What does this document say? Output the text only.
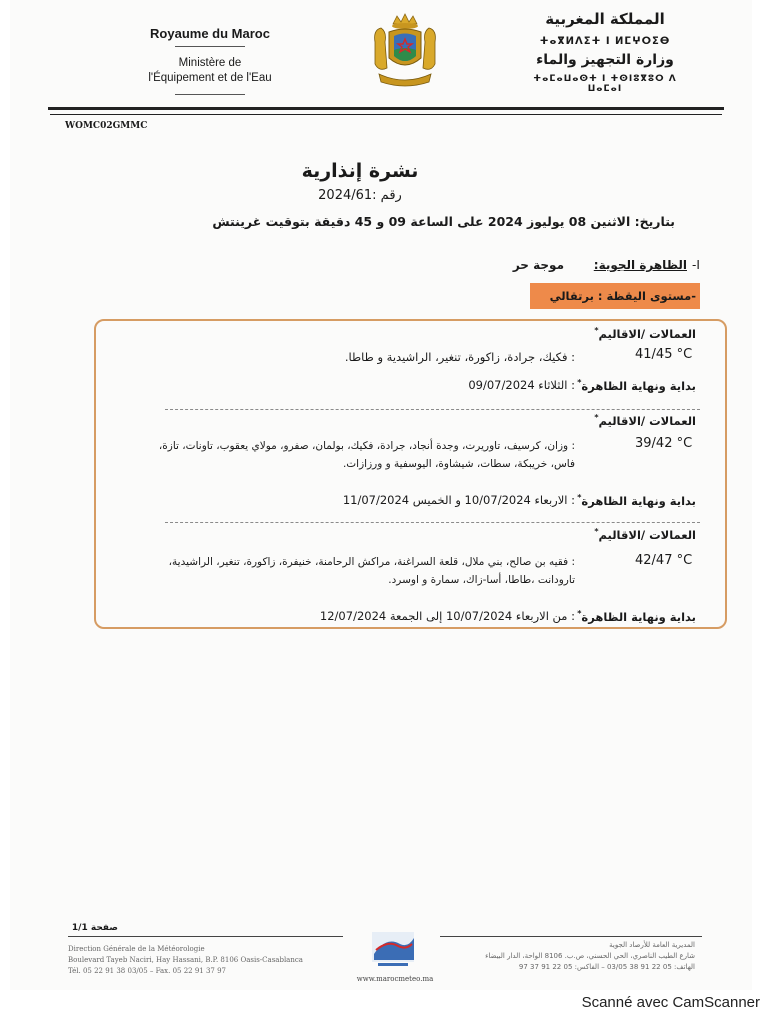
Royaume du Maroc
Ministère de
l'Équipement et de l'Eau
المملكة المغربية
ⵜⴰⴳⵍⴷⵉⵜ ⵏ ⵍⵎⵖⵔⵉⴱ
وزارة التجهيز والماء
ⵜⴰⵎⴰⵡⴰⵙⵜ ⵏ ⵜⵙⵏⵓⴳⵓⵔ ⴷ ⵡⴰⵎⴰⵏ
WOMC02GMMC
نشرة إنذارية
رقم :2024/61
بتاريخ: الاثنين 08 يوليوز 2024 على الساعة 09 و 45 دقيقة بتوقيت غرينتش
-I
الظاهرة الجوية:
موجة حر
-مستوى اليقظة : برتقالي
العمالات /الاقاليم*
41/45 °C
: فكيك، جرادة، زاكورة، تنغير، الراشيدية و طاطا.
بداية ونهاية الظاهرة*
: الثلاثاء 09/07/2024
العمالات /الاقاليم*
39/42 °C
: وزان، كرسيف، تاوريرت، وجدة أنجاد، جرادة، فكيك، بولمان، صفرو، مولاي يعقوب، تاونات، تازة،
فاس، خريبكة، سطات، شيشاوة، اليوسفية و ورزازات.
بداية ونهاية الظاهرة*
: الاربعاء 10/07/2024 و الخميس 11/07/2024
العمالات /الاقاليم*
42/47 °C
: فقيه بن صالح، بني ملال، قلعة السراغنة، مراكش الرحامنة، خنيفرة، زاكورة، تنغير، الراشيدية،
تارودانت ،طاطا، أسا-زاك، سمارة و اوسرد.
بداية ونهاية الظاهرة*
: من الاربعاء 10/07/2024 إلى الجمعة 12/07/2024
صفحة 1/1
Direction Générale de la Météorologie
Boulevard Tayeb Naciri, Hay Hassani, B.P. 8106 Oasis-Casablanca
Tél. 05 22 91 38 03/05 – Fax. 05 22 91 37 97
www.marocmeteo.ma
المديرية العامة للأرصاد الجوية
شارع الطيب الناصري، الحي الحسني، ص.ب. 8106 الواحة، الدار البيضاء
الهاتف: 05 22 91 38 03/05 – الفاكس: 05 22 91 37 97
Scanné avec CamScanner
